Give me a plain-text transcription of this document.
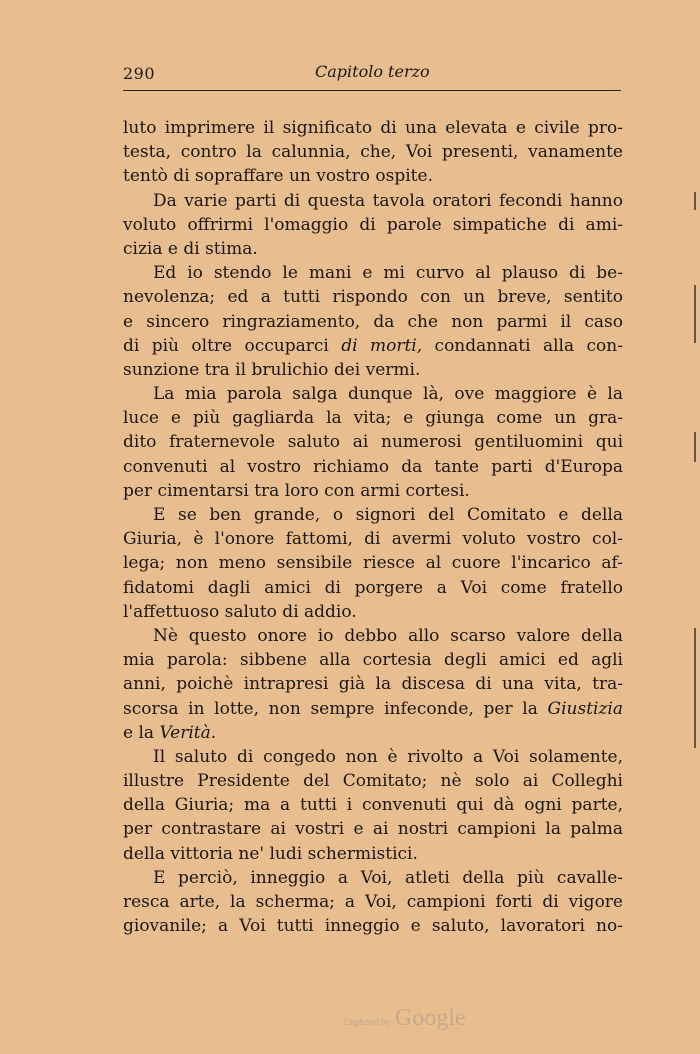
290	Capitolo terzo
luto imprimere il significato di una elevata e civile pro-
testa, contro la calunnia, che, Voi presenti, vanamente
tentò di sopraffare un vostro ospite.
Da varie parti di questa tavola oratori fecondi hanno
voluto offrirmi l'omaggio di parole simpatiche di ami-
cizia e di stima.
Ed io stendo le mani e mi curvo al plauso di be-
nevolenza; ed a tutti rispondo con un breve, sentito
e sincero ringraziamento, da che non parmi il caso
di più oltre occuparci di morti, condannati alla con-
sunzione tra il brulichio dei vermi.
La mia parola salga dunque là, ove maggiore è la
luce e più gagliarda la vita; e giunga come un gra-
dito fraternevole saluto ai numerosi gentiluomini qui
convenuti al vostro richiamo da tante parti d'Europa
per cimentarsi tra loro con armi cortesi.
E se ben grande, o signori del Comitato e della
Giuria, è l'onore fattomi, di avermi voluto vostro col-
lega; non meno sensibile riesce al cuore l'incarico af-
fidatomi dagli amici di porgere a Voi come fratello
l'affettuoso saluto di addio.
Nè questo onore io debbo allo scarso valore della
mia parola: sibbene alla cortesia degli amici ed agli
anni, poichè intrapresi già la discesa di una vita, tra-
scorsa in lotte, non sempre infeconde, per la Giustizia
e la Verità.
Il saluto di congedo non è rivolto a Voi solamente,
illustre Presidente del Comitato; nè solo ai Colleghi
della Giuria; ma a tutti i convenuti qui dà ogni parte,
per contrastare ai vostri e ai nostri campioni la palma
della vittoria ne' ludi schermistici.
E perciò, inneggio a Voi, atleti della più cavalle-
resca arte, la scherma; a Voi, campioni forti di vigore
giovanile; a Voi tutti inneggio e saluto, lavoratori no-
Digitized by Google
